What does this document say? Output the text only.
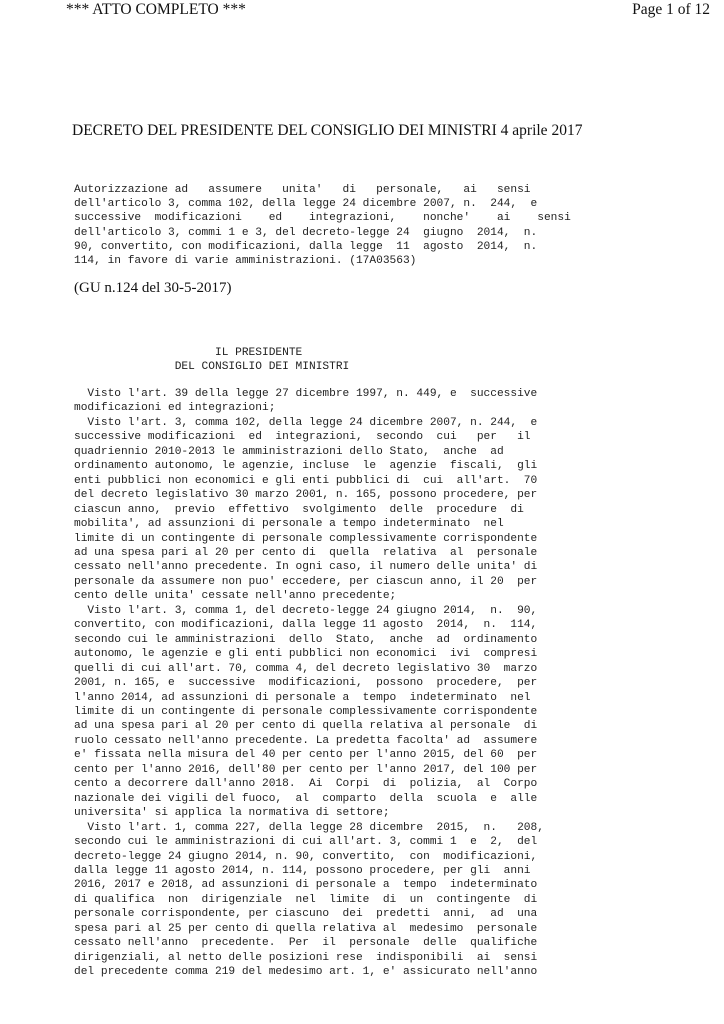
*** ATTO COMPLETO ***	Page 1 of 12
DECRETO DEL PRESIDENTE DEL CONSIGLIO DEI MINISTRI 4 aprile 2017
Autorizzazione ad   assumere   unita'   di   personale,   ai   sensi
dell'articolo 3, comma 102, della legge 24 dicembre 2007, n.  244,  e
successive  modificazioni    ed    integrazioni,    nonche'    ai    sensi
dell'articolo 3, commi 1 e 3, del decreto-legge 24  giugno  2014,  n.
90, convertito, con modificazioni, dalla legge  11  agosto  2014,  n.
114, in favore di varie amministrazioni. (17A03563)
(GU n.124 del 30-5-2017)
IL PRESIDENTE
DEL CONSIGLIO DEI MINISTRI
Visto l'art. 39 della legge 27 dicembre 1997, n. 449, e  successive
modificazioni ed integrazioni;
Visto l'art. 3, comma 102, della legge 24 dicembre 2007, n. 244,  e
successive modificazioni  ed  integrazioni,  secondo  cui   per   il
quadriennio 2010-2013 le amministrazioni dello Stato,  anche  ad
ordinamento autonomo, le agenzie, incluse  le  agenzie  fiscali,  gli
enti pubblici non economici e gli enti pubblici di  cui  all'art.  70
del decreto legislativo 30 marzo 2001, n. 165, possono procedere, per
ciascun anno,  previo  effettivo  svolgimento  delle  procedure  di
mobilita', ad assunzioni di personale a tempo indeterminato  nel
limite di un contingente di personale complessivamente corrispondente
ad una spesa pari al 20 per cento di  quella  relativa  al  personale
cessato nell'anno precedente. In ogni caso, il numero delle unita' di
personale da assumere non puo' eccedere, per ciascun anno, il 20  per
cento delle unita' cessate nell'anno precedente;
Visto l'art. 3, comma 1, del decreto-legge 24 giugno 2014,  n.  90,
convertito, con modificazioni, dalla legge 11 agosto  2014,  n.  114,
secondo cui le amministrazioni  dello  Stato,  anche  ad  ordinamento
autonomo, le agenzie e gli enti pubblici non economici  ivi  compresi
quelli di cui all'art. 70, comma 4, del decreto legislativo 30  marzo
2001, n. 165, e  successive  modificazioni,  possono  procedere,  per
l'anno 2014, ad assunzioni di personale a  tempo  indeterminato  nel
limite di un contingente di personale complessivamente corrispondente
ad una spesa pari al 20 per cento di quella relativa al personale  di
ruolo cessato nell'anno precedente. La predetta facolta' ad  assumere
e' fissata nella misura del 40 per cento per l'anno 2015, del 60  per
cento per l'anno 2016, dell'80 per cento per l'anno 2017, del 100 per
cento a decorrere dall'anno 2018.  Ai  Corpi  di  polizia,  al  Corpo
nazionale dei vigili del fuoco,  al  comparto  della  scuola  e  alle
universita' si applica la normativa di settore;
Visto l'art. 1, comma 227, della legge 28 dicembre  2015,  n.   208,
secondo cui le amministrazioni di cui all'art. 3, commi 1  e  2,  del
decreto-legge 24 giugno 2014, n. 90, convertito,  con  modificazioni,
dalla legge 11 agosto 2014, n. 114, possono procedere, per gli  anni
2016, 2017 e 2018, ad assunzioni di personale a  tempo  indeterminato
di qualifica  non  dirigenziale  nel  limite  di  un  contingente  di
personale corrispondente, per ciascuno  dei  predetti  anni,  ad  una
spesa pari al 25 per cento di quella relativa al  medesimo  personale
cessato nell'anno  precedente.  Per  il  personale  delle  qualifiche
dirigenziali, al netto delle posizioni rese  indisponibili  ai  sensi
del precedente comma 219 del medesimo art. 1, e' assicurato nell'anno
